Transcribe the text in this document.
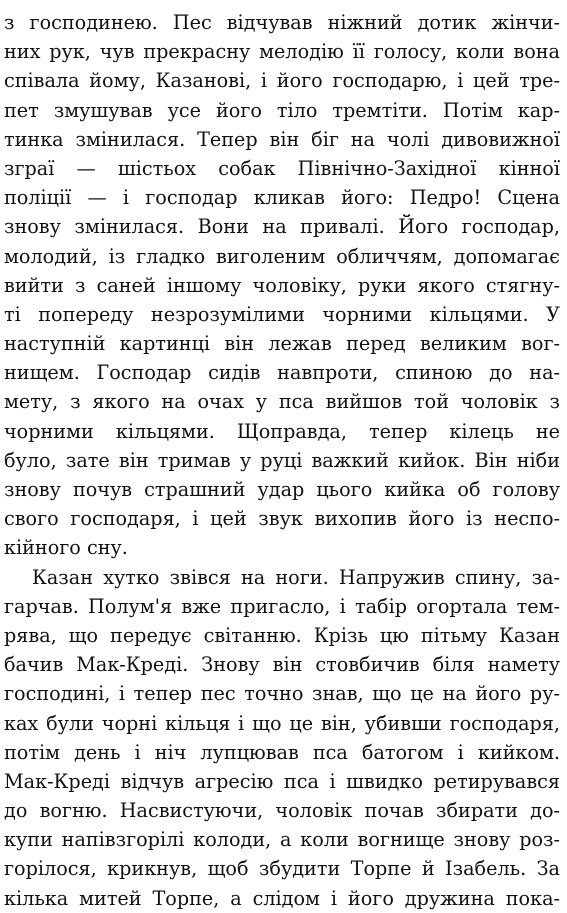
з господинею. Пес відчував ніжний дотик жінчи-
них рук, чув прекрасну мелодію її голосу, коли вона
співала йому, Казанові, і його господарю, і цей тре-
пет змушував усе його тіло тремтіти. Потім кар-
тинка змінилася. Тепер він біг на чолі дивовижної
зграї — шістьох собак Північно-Західної кінної
поліції — і господар кликав його: Педро! Сцена
знову змінилася. Вони на привалі. Його господар,
молодий, із гладко виголеним обличчям, допомагає
вийти з саней іншому чоловіку, руки якого стягну-
ті попереду незрозумілими чорними кільцями. У
наступній картинці він лежав перед великим вог-
нищем. Господар сидів навпроти, спиною до на-
мету, з якого на очах у пса вийшов той чоловік з
чорними кільцями. Щоправда, тепер кілець не
було, зате він тримав у руці важкий кийок. Він ніби
знову почув страшний удар цього кийка об голову
свого господаря, і цей звук вихопив його із неспо-
кійного сну.
Казан хутко звівся на ноги. Напружив спину, за-
гарчав. Полум'я вже пригасло, і табір огортала тем-
рява, що передує світанню. Крізь цю пітьму Казан
бачив Мак-Креді. Знову він стовбичив біля намету
господині, і тепер пес точно знав, що це на його ру-
ках були чорні кільця і що це він, убивши господаря,
потім день і ніч лупцював пса батогом і кийком.
Мак-Креді відчув агресію пса і швидко ретирувався
до вогню. Насвистуючи, чоловік почав збирати до-
купи напівзгорілі колоди, а коли вогнище знову роз-
горілося, крикнув, щоб збудити Торпе й Ізабель. За
кілька митей Торпе, а слідом і його дружина пока-
